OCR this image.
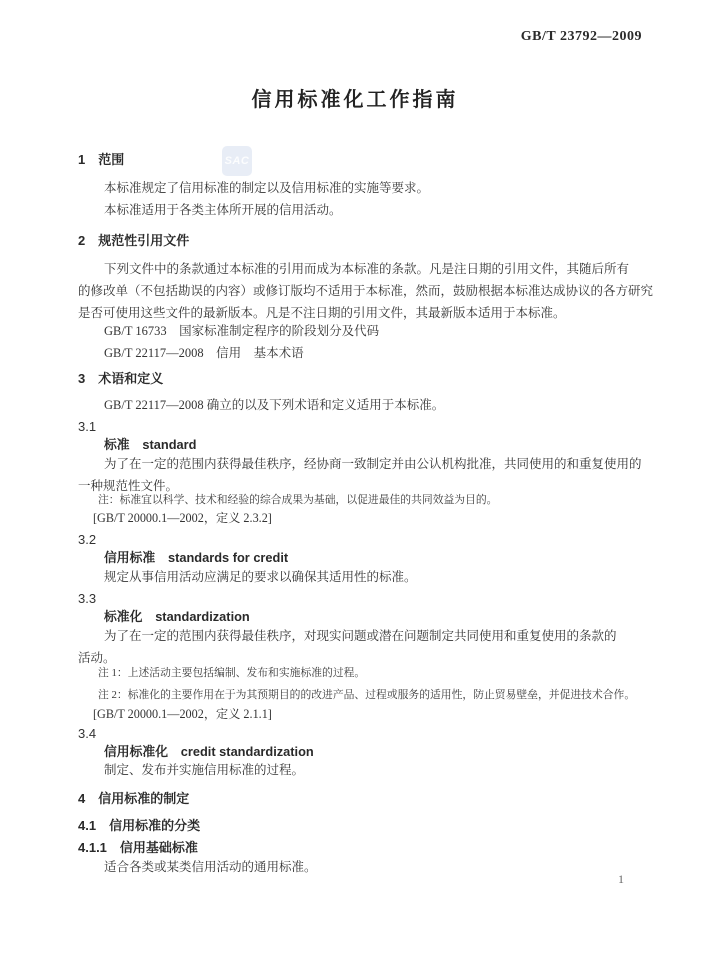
GB/T 23792—2009
信用标准化工作指南
SAC
1　范围
本标准规定了信用标准的制定以及信用标准的实施等要求。
本标准适用于各类主体所开展的信用活动。
2　规范性引用文件
下列文件中的条款通过本标准的引用而成为本标准的条款。凡是注日期的引用文件，其随后所有
的修改单（不包括勘误的内容）或修订版均不适用于本标准，然而，鼓励根据本标准达成协议的各方研究
是否可使用这些文件的最新版本。凡是不注日期的引用文件，其最新版本适用于本标准。
GB/T 16733　国家标准制定程序的阶段划分及代码
GB/T 22117—2008　信用　基本术语
3　术语和定义
GB/T 22117—2008 确立的以及下列术语和定义适用于本标准。
3.1
标准　standard
为了在一定的范围内获得最佳秩序，经协商一致制定并由公认机构批准，共同使用的和重复使用的
一种规范性文件。
注：标准宜以科学、技术和经验的综合成果为基础，以促进最佳的共同效益为目的。
[GB/T 20000.1—2002，定义 2.3.2]
3.2
信用标准　standards for credit
规定从事信用活动应满足的要求以确保其适用性的标准。
3.3
标准化　standardization
为了在一定的范围内获得最佳秩序，对现实问题或潜在问题制定共同使用和重复使用的条款的
活动。
注 1：上述活动主要包括编制、发布和实施标准的过程。
注 2：标准化的主要作用在于为其预期目的的改进产品、过程或服务的适用性，防止贸易壁垒，并促进技术合作。
[GB/T 20000.1—2002，定义 2.1.1]
3.4
信用标准化　credit standardization
制定、发布并实施信用标准的过程。
4　信用标准的制定
4.1　信用标准的分类
4.1.1　信用基础标准
适合各类或某类信用活动的通用标准。
1
